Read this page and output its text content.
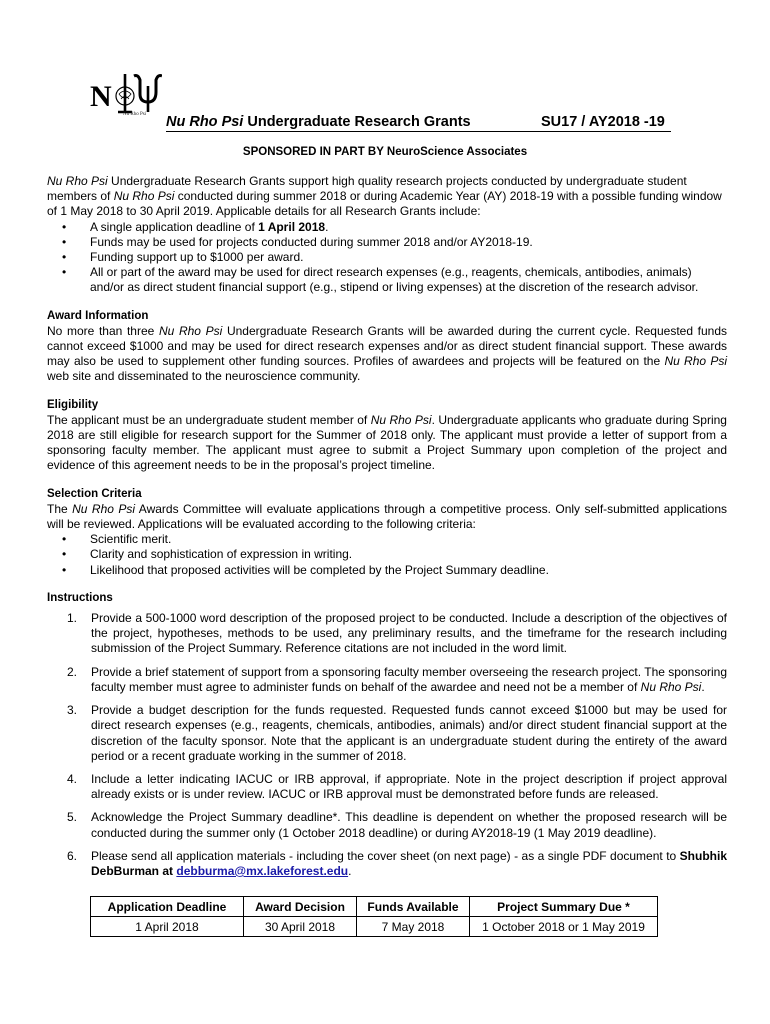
N
Nu Rho Psi Nu Rho Psi Undergraduate Research Grants	SU17 / AY2018 -19
SPONSORED IN PART BY NeuroScience Associates

Nu Rho Psi Undergraduate Research Grants support high quality research projects conducted by undergraduate student members of Nu Rho Psi conducted during summer 2018 or during Academic Year (AY) 2018-19 with a possible funding window of 1 May 2018 to 30 April 2019. Applicable details for all Research Grants include:

• A single application deadline of 1 April 2018.
• Funds may be used for projects conducted during summer 2018 and/or AY2018-19.
• Funding support up to $1000 per award.
• All or part of the award may be used for direct research expenses (e.g., reagents, chemicals, antibodies, animals) and/or as direct student financial support (e.g., stipend or living expenses) at the discretion of the research advisor.

Award Information

No more than three Nu Rho Psi Undergraduate Research Grants will be awarded during the current cycle. Requested funds cannot exceed $1000 and may be used for direct research expenses and/or as direct student financial support. These awards may also be used to supplement other funding sources. Profiles of awardees and projects will be featured on the Nu Rho Psi web site and disseminated to the neuroscience community.

Eligibility

The applicant must be an undergraduate student member of Nu Rho Psi. Undergraduate applicants who graduate during Spring 2018 are still eligible for research support for the Summer of 2018 only. The applicant must provide a letter of support from a sponsoring faculty member. The applicant must agree to submit a Project Summary upon completion of the project and evidence of this agreement needs to be in the proposal’s project timeline.

Selection Criteria

The Nu Rho Psi Awards Committee will evaluate applications through a competitive process. Only self-submitted applications will be reviewed. Applications will be evaluated according to the following criteria:

• Scientific merit.
• Clarity and sophistication of expression in writing.
• Likelihood that proposed activities will be completed by the Project Summary deadline.

Instructions

1. Provide a 500-1000 word description of the proposed project to be conducted. Include a description of the objectives of the project, hypotheses, methods to be used, any preliminary results, and the timeframe for the research including submission of the Project Summary. Reference citations are not included in the word limit.
2. Provide a brief statement of support from a sponsoring faculty member overseeing the research project. The sponsoring faculty member must agree to administer funds on behalf of the awardee and need not be a member of Nu Rho Psi.
3. Provide a budget description for the funds requested. Requested funds cannot exceed $1000 but may be used for direct research expenses (e.g., reagents, chemicals, antibodies, animals) and/or direct student financial support at the discretion of the faculty sponsor. Note that the applicant is an undergraduate student during the entirety of the award period or a recent graduate working in the summer of 2018.
4. Include a letter indicating IACUC or IRB approval, if appropriate. Note in the project description if project approval already exists or is under review. IACUC or IRB approval must be demonstrated before funds are released.
5. Acknowledge the Project Summary deadline*. This deadline is dependent on whether the proposed research will be conducted during the summer only (1 October 2018 deadline) or during AY2018-19 (1 May 2019 deadline).
6. Please send all application materials - including the cover sheet (on next page) - as a single PDF document to Shubhik DebBurman at debburma@mx.lakeforest.edu.
Application Deadline	Award Decision	Funds Available	Project Summary Due *
1 April 2018	30 April 2018	7 May 2018	1 October 2018 or 1 May 2019
